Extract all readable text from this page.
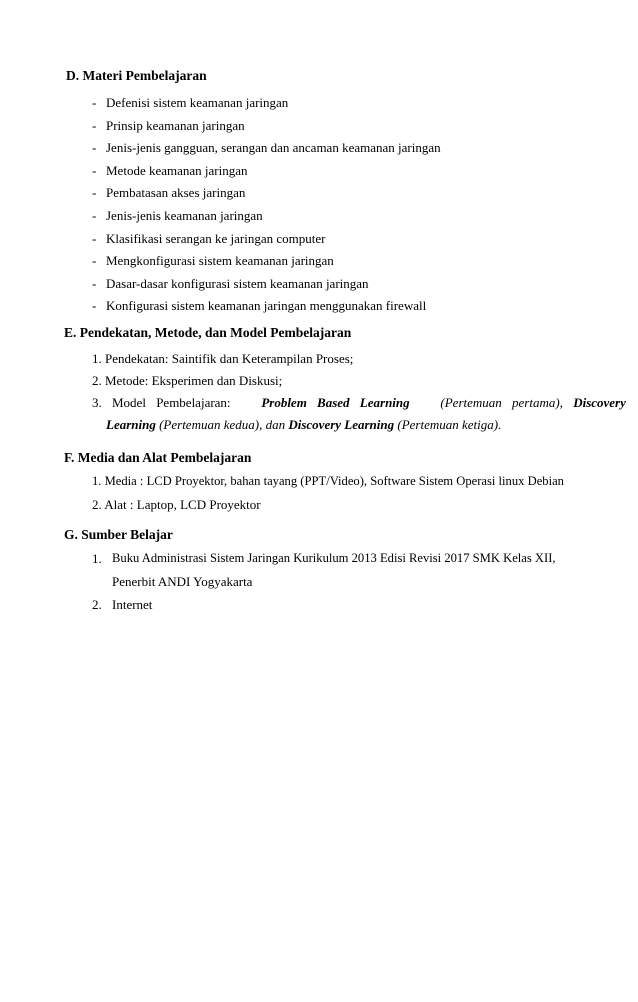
D. Materi Pembelajaran
- Defenisi sistem keamanan jaringan
- Prinsip keamanan jaringan
- Jenis-jenis gangguan, serangan dan ancaman keamanan jaringan
- Metode keamanan jaringan
- Pembatasan akses jaringan
- Jenis-jenis keamanan jaringan
- Klasifikasi serangan ke jaringan computer
- Mengkonfigurasi sistem keamanan jaringan
- Dasar-dasar konfigurasi sistem keamanan jaringan
- Konfigurasi sistem keamanan jaringan menggunakan firewall
E. Pendekatan, Metode, dan Model Pembelajaran
1. Pendekatan: Saintifik dan Keterampilan Proses;
2. Metode: Eksperimen dan Diskusi;
3. Model Pembelajaran: Problem Based Learning (Pertemuan pertama), Discovery
Learning (Pertemuan kedua), dan Discovery Learning (Pertemuan ketiga).
F. Media dan Alat Pembelajaran
1. Media : LCD Proyektor, bahan tayang (PPT/Video), Software Sistem Operasi linux Debian
2. Alat : Laptop, LCD Proyektor
G. Sumber Belajar
1. Buku Administrasi Sistem Jaringan Kurikulum 2013 Edisi Revisi 2017 SMK Kelas XII,
Penerbit ANDI Yogyakarta
2. Internet
